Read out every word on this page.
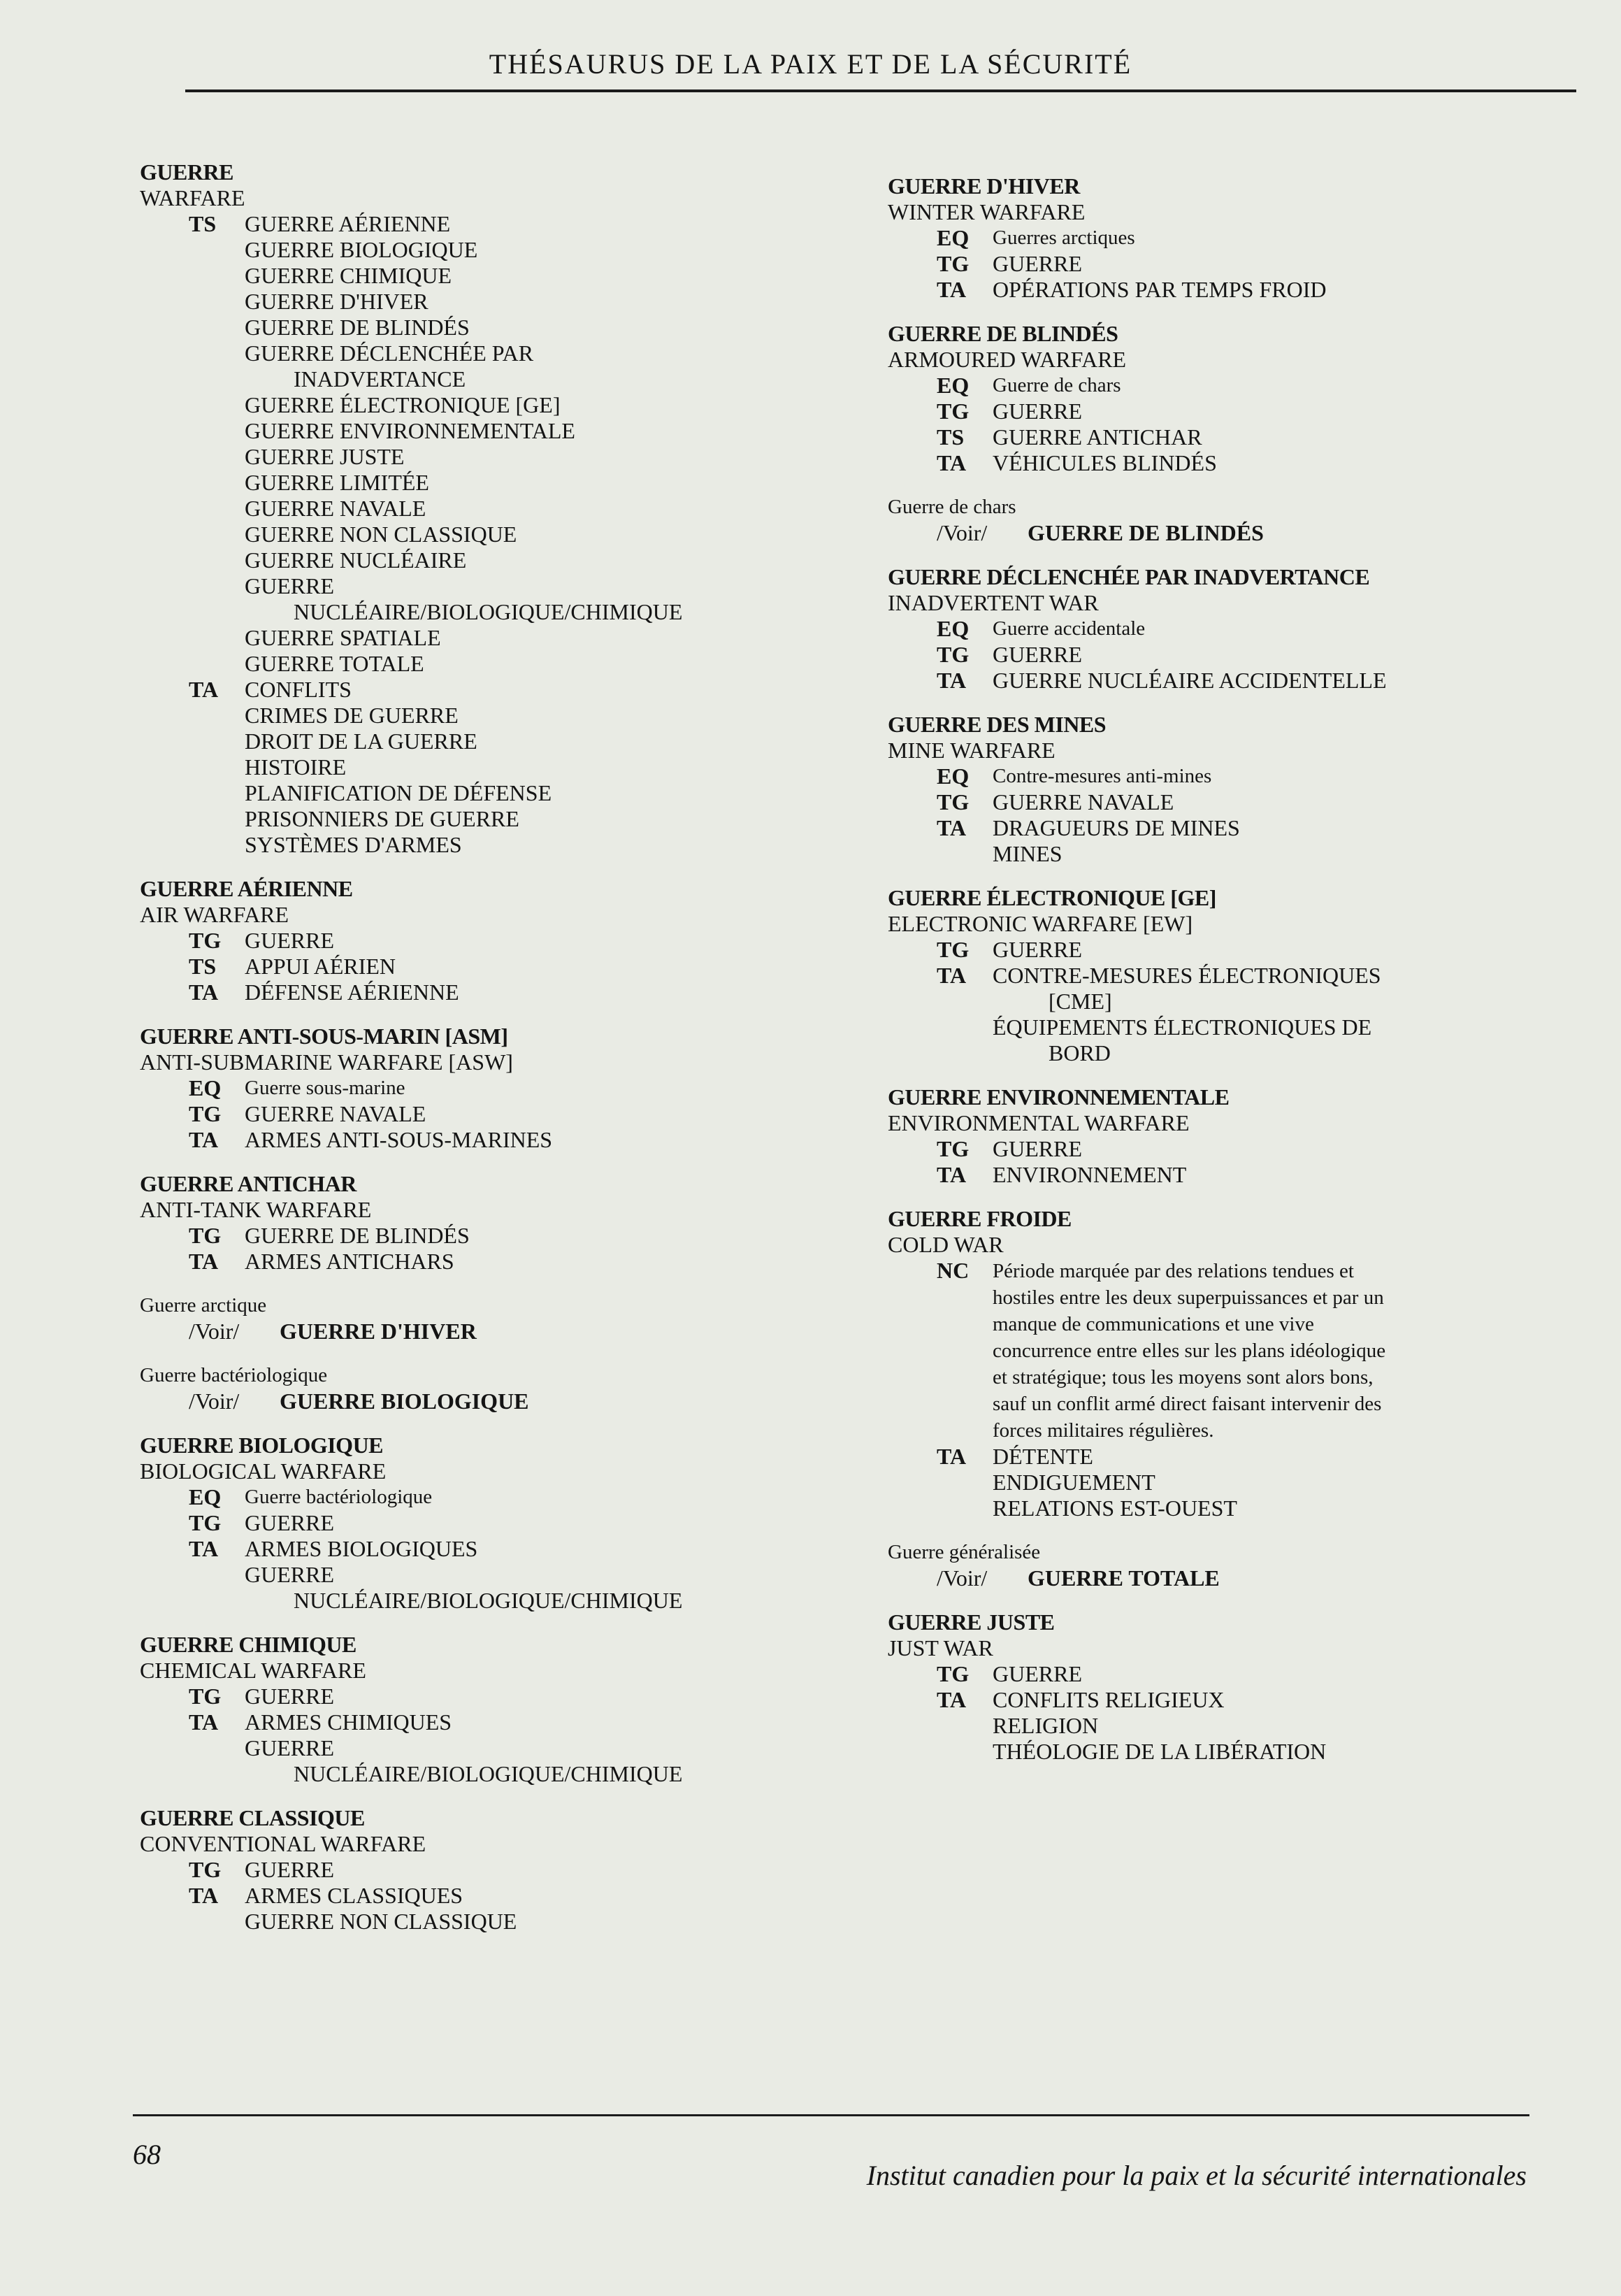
THÉSAURUS DE LA PAIX ET DE LA SÉCURITÉ
GUERRE
WARFARE
TS	GUERRE AÉRIENNE
GUERRE BIOLOGIQUE
GUERRE CHIMIQUE
GUERRE D'HIVER
GUERRE DE BLINDÉS
GUERRE DÉCLENCHÉE PAR
INADVERTANCE
GUERRE ÉLECTRONIQUE [GE]
GUERRE ENVIRONNEMENTALE
GUERRE JUSTE
GUERRE LIMITÉE
GUERRE NAVALE
GUERRE NON CLASSIQUE
GUERRE NUCLÉAIRE
GUERRE
NUCLÉAIRE/BIOLOGIQUE/CHIMIQUE
GUERRE SPATIALE
GUERRE TOTALE
TA	CONFLITS
CRIMES DE GUERRE
DROIT DE LA GUERRE
HISTOIRE
PLANIFICATION DE DÉFENSE
PRISONNIERS DE GUERRE
SYSTÈMES D'ARMES
GUERRE AÉRIENNE
AIR WARFARE
TG	GUERRE
TS	APPUI AÉRIEN
TA	DÉFENSE AÉRIENNE
GUERRE ANTI-SOUS-MARIN [ASM]
ANTI-SUBMARINE WARFARE [ASW]
EQ	Guerre sous-marine
TG	GUERRE NAVALE
TA	ARMES ANTI-SOUS-MARINES
GUERRE ANTICHAR
ANTI-TANK WARFARE
TG	GUERRE DE BLINDÉS
TA	ARMES ANTICHARS
Guerre arctique
/Voir/ GUERRE D'HIVER
Guerre bactériologique
/Voir/ GUERRE BIOLOGIQUE
GUERRE BIOLOGIQUE
BIOLOGICAL WARFARE
EQ	Guerre bactériologique
TG	GUERRE
TA	ARMES BIOLOGIQUES
GUERRE
NUCLÉAIRE/BIOLOGIQUE/CHIMIQUE
GUERRE CHIMIQUE
CHEMICAL WARFARE
TG	GUERRE
TA	ARMES CHIMIQUES
GUERRE
NUCLÉAIRE/BIOLOGIQUE/CHIMIQUE
GUERRE CLASSIQUE
CONVENTIONAL WARFARE
TG	GUERRE
TA	ARMES CLASSIQUES
GUERRE NON CLASSIQUE
GUERRE D'HIVER
WINTER WARFARE
EQ	Guerres arctiques
TG	GUERRE
TA	OPÉRATIONS PAR TEMPS FROID
GUERRE DE BLINDÉS
ARMOURED WARFARE
EQ	Guerre de chars
TG	GUERRE
TS	GUERRE ANTICHAR
TA	VÉHICULES BLINDÉS
Guerre de chars
/Voir/ GUERRE DE BLINDÉS
GUERRE DÉCLENCHÉE PAR INADVERTANCE
INADVERTENT WAR
EQ	Guerre accidentale
TG	GUERRE
TA	GUERRE NUCLÉAIRE ACCIDENTELLE
GUERRE DES MINES
MINE WARFARE
EQ	Contre-mesures anti-mines
TG	GUERRE NAVALE
TA	DRAGUEURS DE MINES
MINES
GUERRE ÉLECTRONIQUE [GE]
ELECTRONIC WARFARE [EW]
TG	GUERRE
TA	CONTRE-MESURES ÉLECTRONIQUES
[CME]
ÉQUIPEMENTS ÉLECTRONIQUES DE
BORD
GUERRE ENVIRONNEMENTALE
ENVIRONMENTAL WARFARE
TG	GUERRE
TA	ENVIRONNEMENT
GUERRE FROIDE
COLD WAR
NC	Période marquée par des relations tendues et
hostiles entre les deux superpuissances et par un
manque de communications et une vive
concurrence entre elles sur les plans idéologique
et stratégique; tous les moyens sont alors bons,
sauf un conflit armé direct faisant intervenir des
forces militaires régulières.
TA	DÉTENTE
ENDIGUEMENT
RELATIONS EST-OUEST
Guerre généralisée
/Voir/ GUERRE TOTALE
GUERRE JUSTE
JUST WAR
TG	GUERRE
TA	CONFLITS RELIGIEUX
RELIGION
THÉOLOGIE DE LA LIBÉRATION
68
Institut canadien pour la paix et la sécurité internationales
